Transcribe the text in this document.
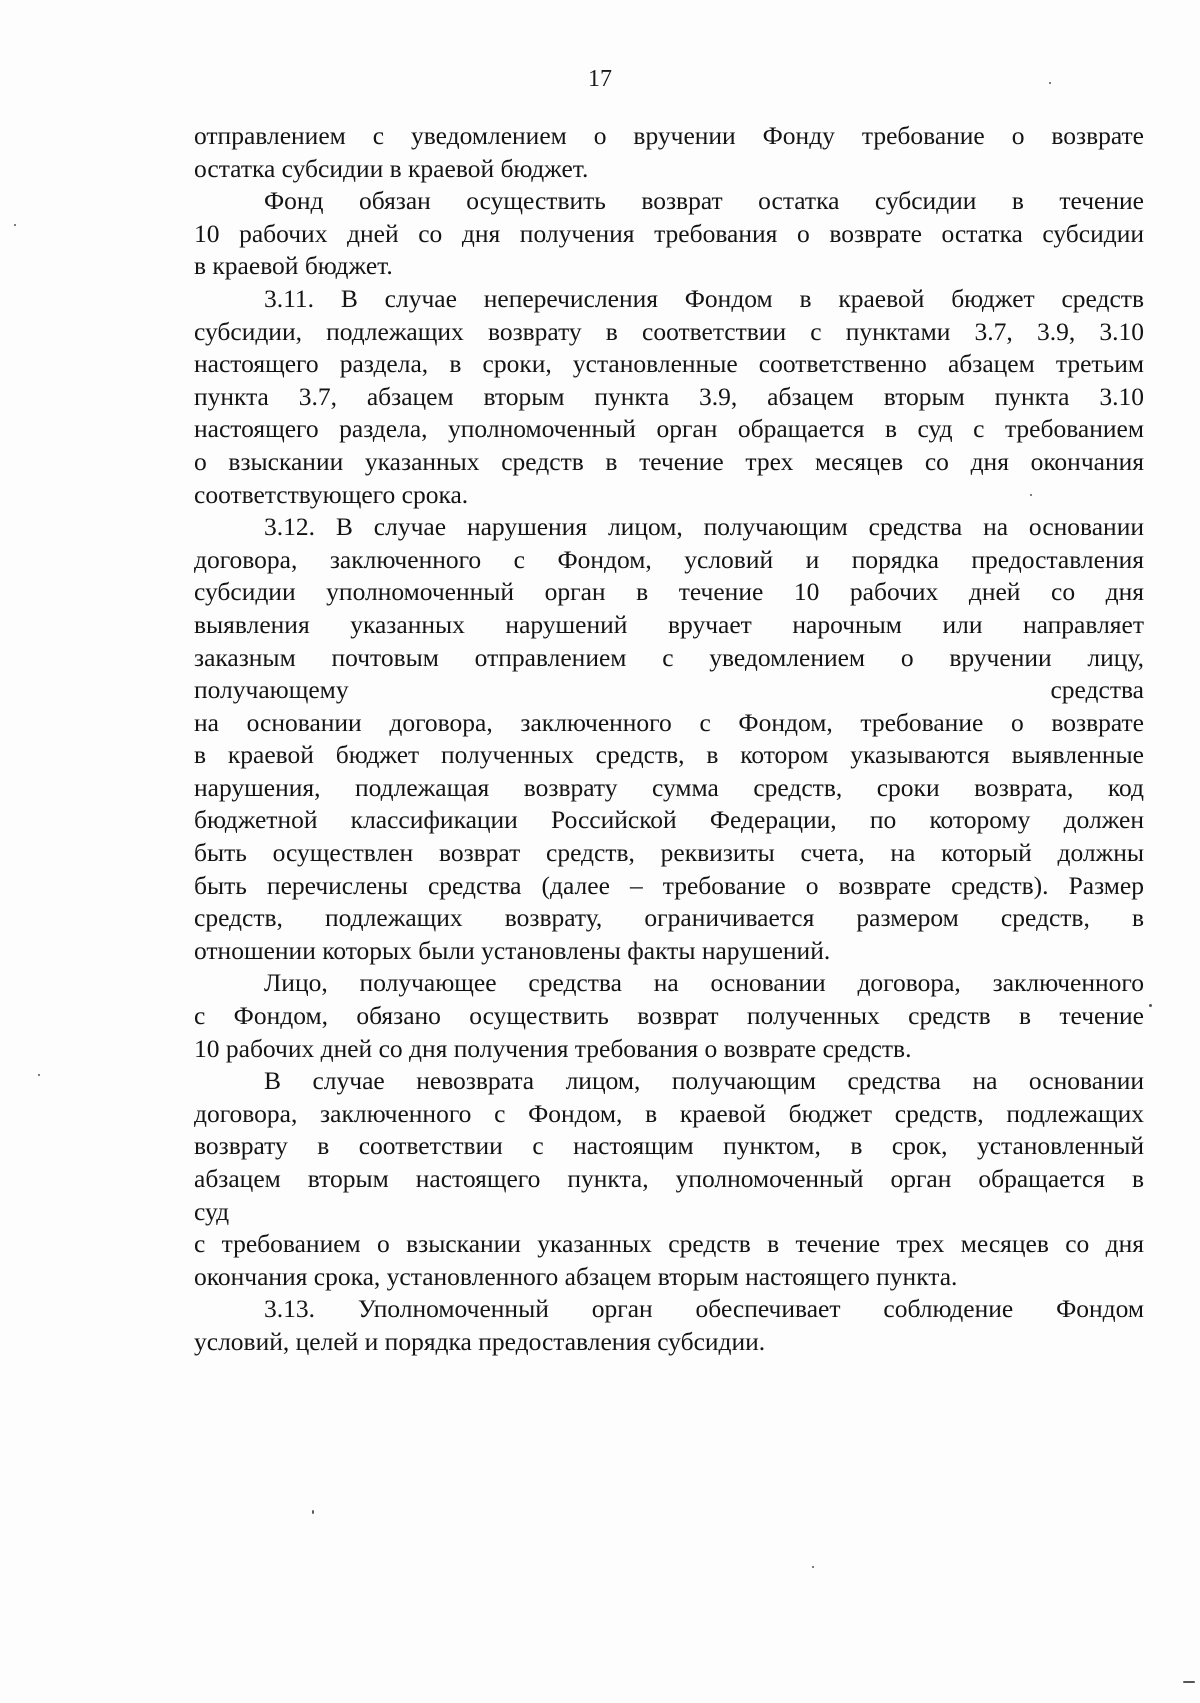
17

отправлением с уведомлением о вручении Фонду требование о возврате
остатка субсидии в краевой бюджет.

Фонд обязан осуществить возврат остатка субсидии в течение
10 рабочих дней со дня получения требования о возврате остатка субсидии
в краевой бюджет.

3.11. В случае неперечисления Фондом в краевой бюджет средств
субсидии, подлежащих возврату в соответствии с пунктами 3.7, 3.9, 3.10
настоящего раздела, в сроки, установленные соответственно абзацем третьим
пункта 3.7, абзацем вторым пункта 3.9, абзацем вторым пункта 3.10
настоящего раздела, уполномоченный орган обращается в суд с требованием
о взыскании указанных средств в течение трех месяцев со дня окончания
соответствующего срока.

3.12. В случае нарушения лицом, получающим средства на основании
договора, заключенного с Фондом, условий и порядка предоставления
субсидии уполномоченный орган в течение 10 рабочих дней со дня
выявления указанных нарушений вручает нарочным или направляет
заказным почтовым отправлением с уведомлением о вручении лицу,
получающему средства
на основании договора, заключенного с Фондом, требование о возврате
в краевой бюджет полученных средств, в котором указываются выявленные
нарушения, подлежащая возврату сумма средств, сроки возврата, код
бюджетной классификации Российской Федерации, по которому должен
быть осуществлен возврат средств, реквизиты счета, на который должны
быть перечислены средства (далее – требование о возврате средств). Размер
средств, подлежащих возврату, ограничивается размером средств, в
отношении которых были установлены факты нарушений.

Лицо, получающее средства на основании договора, заключенного
с Фондом, обязано осуществить возврат полученных средств в течение
10 рабочих дней со дня получения требования о возврате средств.

В случае невозврата лицом, получающим средства на основании
договора, заключенного с Фондом, в краевой бюджет средств, подлежащих
возврату в соответствии с настоящим пунктом, в срок, установленный
абзацем вторым настоящего пункта, уполномоченный орган обращается в
суд
с требованием о взыскании указанных средств в течение трех месяцев со дня
окончания срока, установленного абзацем вторым настоящего пункта.

3.13. Уполномоченный орган обеспечивает соблюдение Фондом
условий, целей и порядка предоставления субсидии.
